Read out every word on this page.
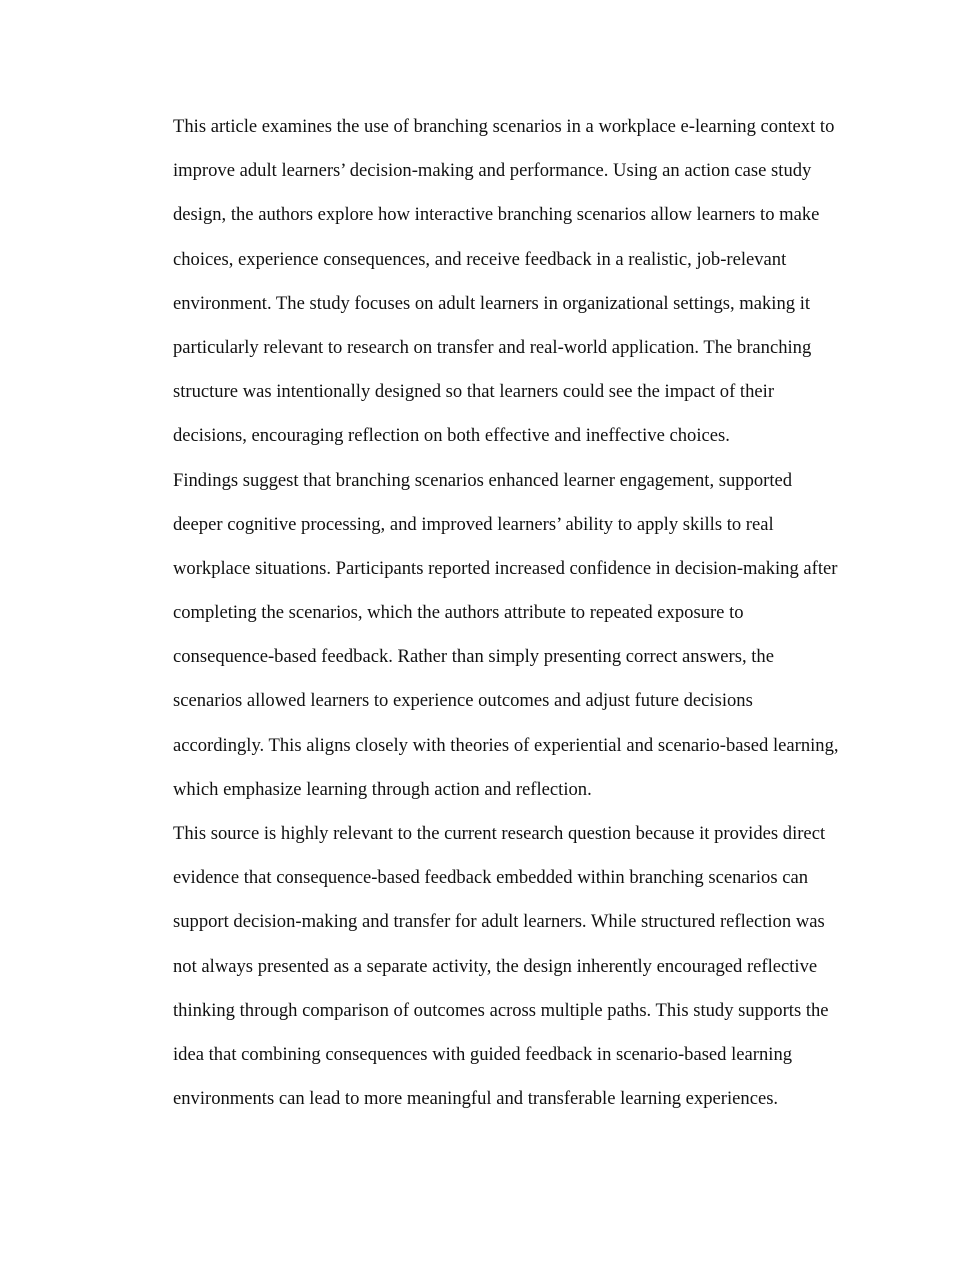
This article examines the use of branching scenarios in a workplace e-learning context to
improve adult learners’ decision-making and performance. Using an action case study
design, the authors explore how interactive branching scenarios allow learners to make
choices, experience consequences, and receive feedback in a realistic, job-relevant
environment. The study focuses on adult learners in organizational settings, making it
particularly relevant to research on transfer and real-world application. The branching
structure was intentionally designed so that learners could see the impact of their
decisions, encouraging reflection on both effective and ineffective choices.
Findings suggest that branching scenarios enhanced learner engagement, supported
deeper cognitive processing, and improved learners’ ability to apply skills to real
workplace situations. Participants reported increased confidence in decision-making after
completing the scenarios, which the authors attribute to repeated exposure to
consequence-based feedback. Rather than simply presenting correct answers, the
scenarios allowed learners to experience outcomes and adjust future decisions
accordingly. This aligns closely with theories of experiential and scenario-based learning,
which emphasize learning through action and reflection.
This source is highly relevant to the current research question because it provides direct
evidence that consequence-based feedback embedded within branching scenarios can
support decision-making and transfer for adult learners. While structured reflection was
not always presented as a separate activity, the design inherently encouraged reflective
thinking through comparison of outcomes across multiple paths. This study supports the
idea that combining consequences with guided feedback in scenario-based learning
environments can lead to more meaningful and transferable learning experiences.
